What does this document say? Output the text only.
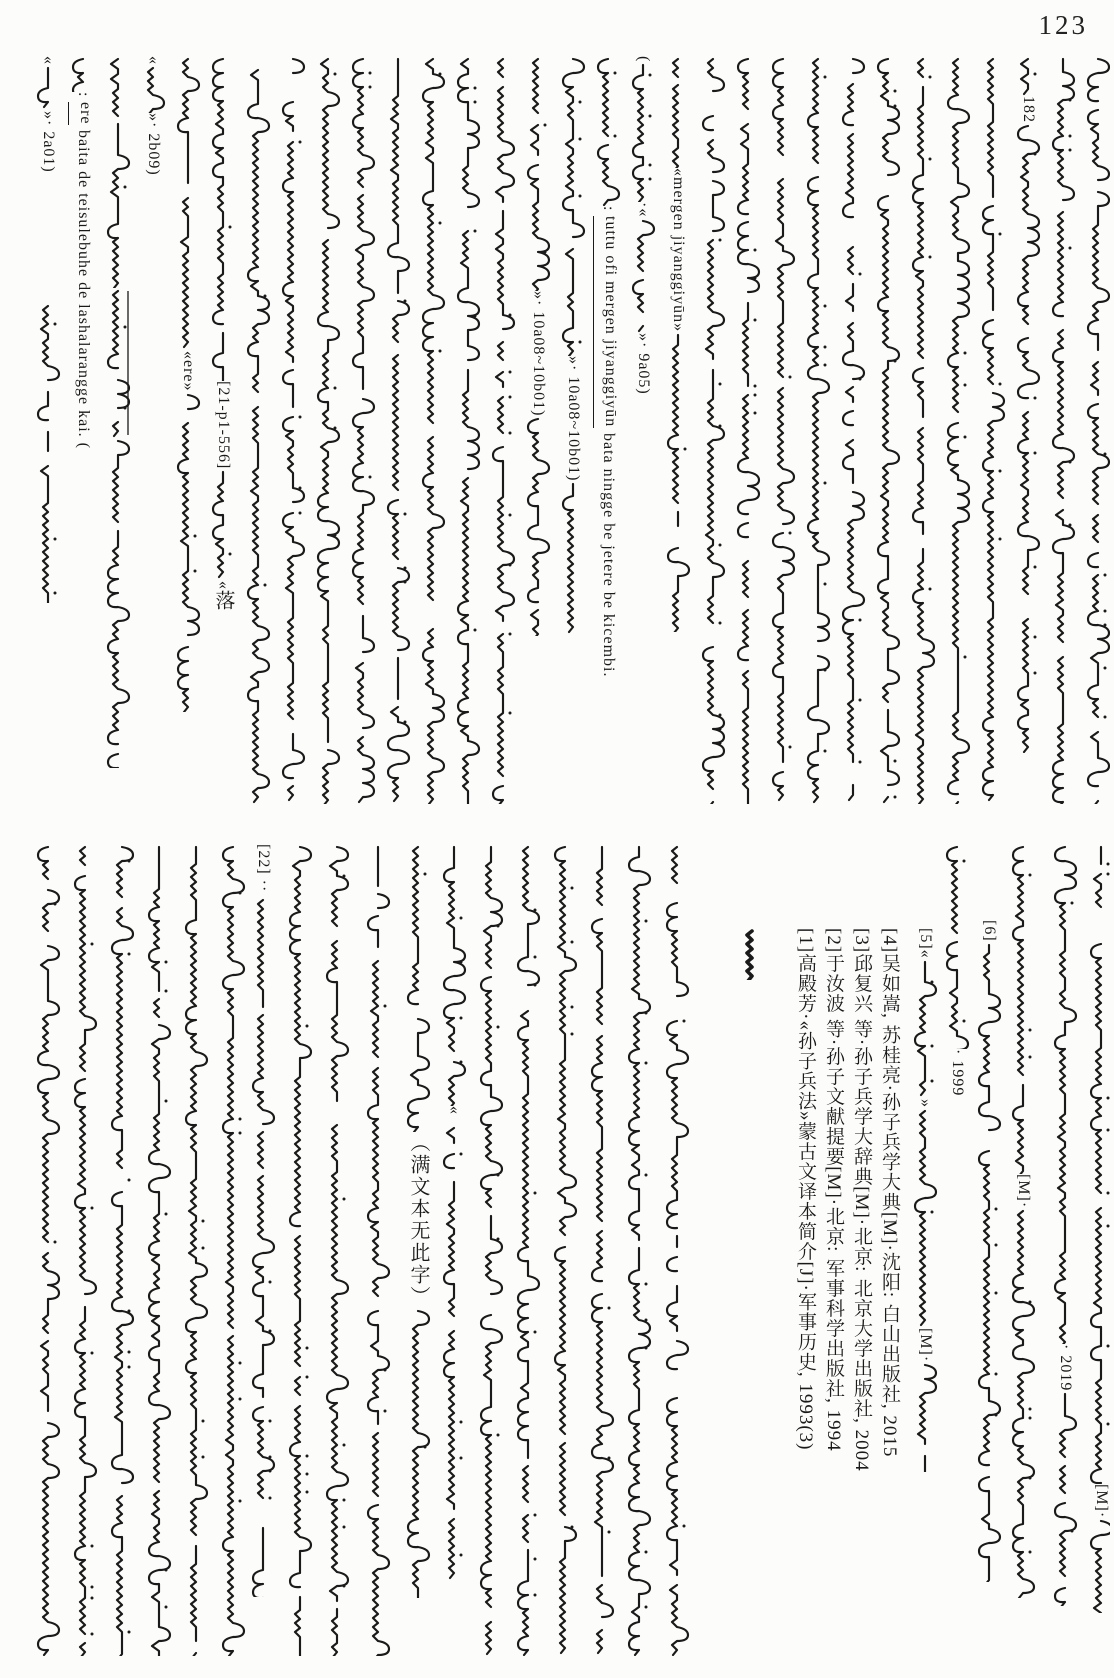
123
«
»· 2a01)
:
ere
baita de teisulebuhe de lashalarangge kai. (
«
»· 2b09)
«ere»
[21-p1-556]
«
落
»· 10a08~10b01)
»· 10a08~10b01)
:
tuttu ofi mergen jiyanggiyūn
bata ningge be jetere be kicembi.
(
·«
»· 9a05)
«mergen jiyanggiyūn»
182
[22] ··
（满文本无此字）
«	[1]高殿芳·«孙子兵法»蒙古文译本简介[J]·军事历史, 1993(3) [2]于汝波 等·孙子文献提要[M]·北京: 军事科学出版社, 1994 [3]邱复兴 等·孙子兵学大辞典[M]·北京: 北京大学出版社, 2004 [4]吴如嵩, 苏桂亮·孙子兵学大典[M]·沈阳: 白山出版社, 2015	[5]«
»
[M]·
· 1999
[6]
[M]·
· 2019
[M]·
